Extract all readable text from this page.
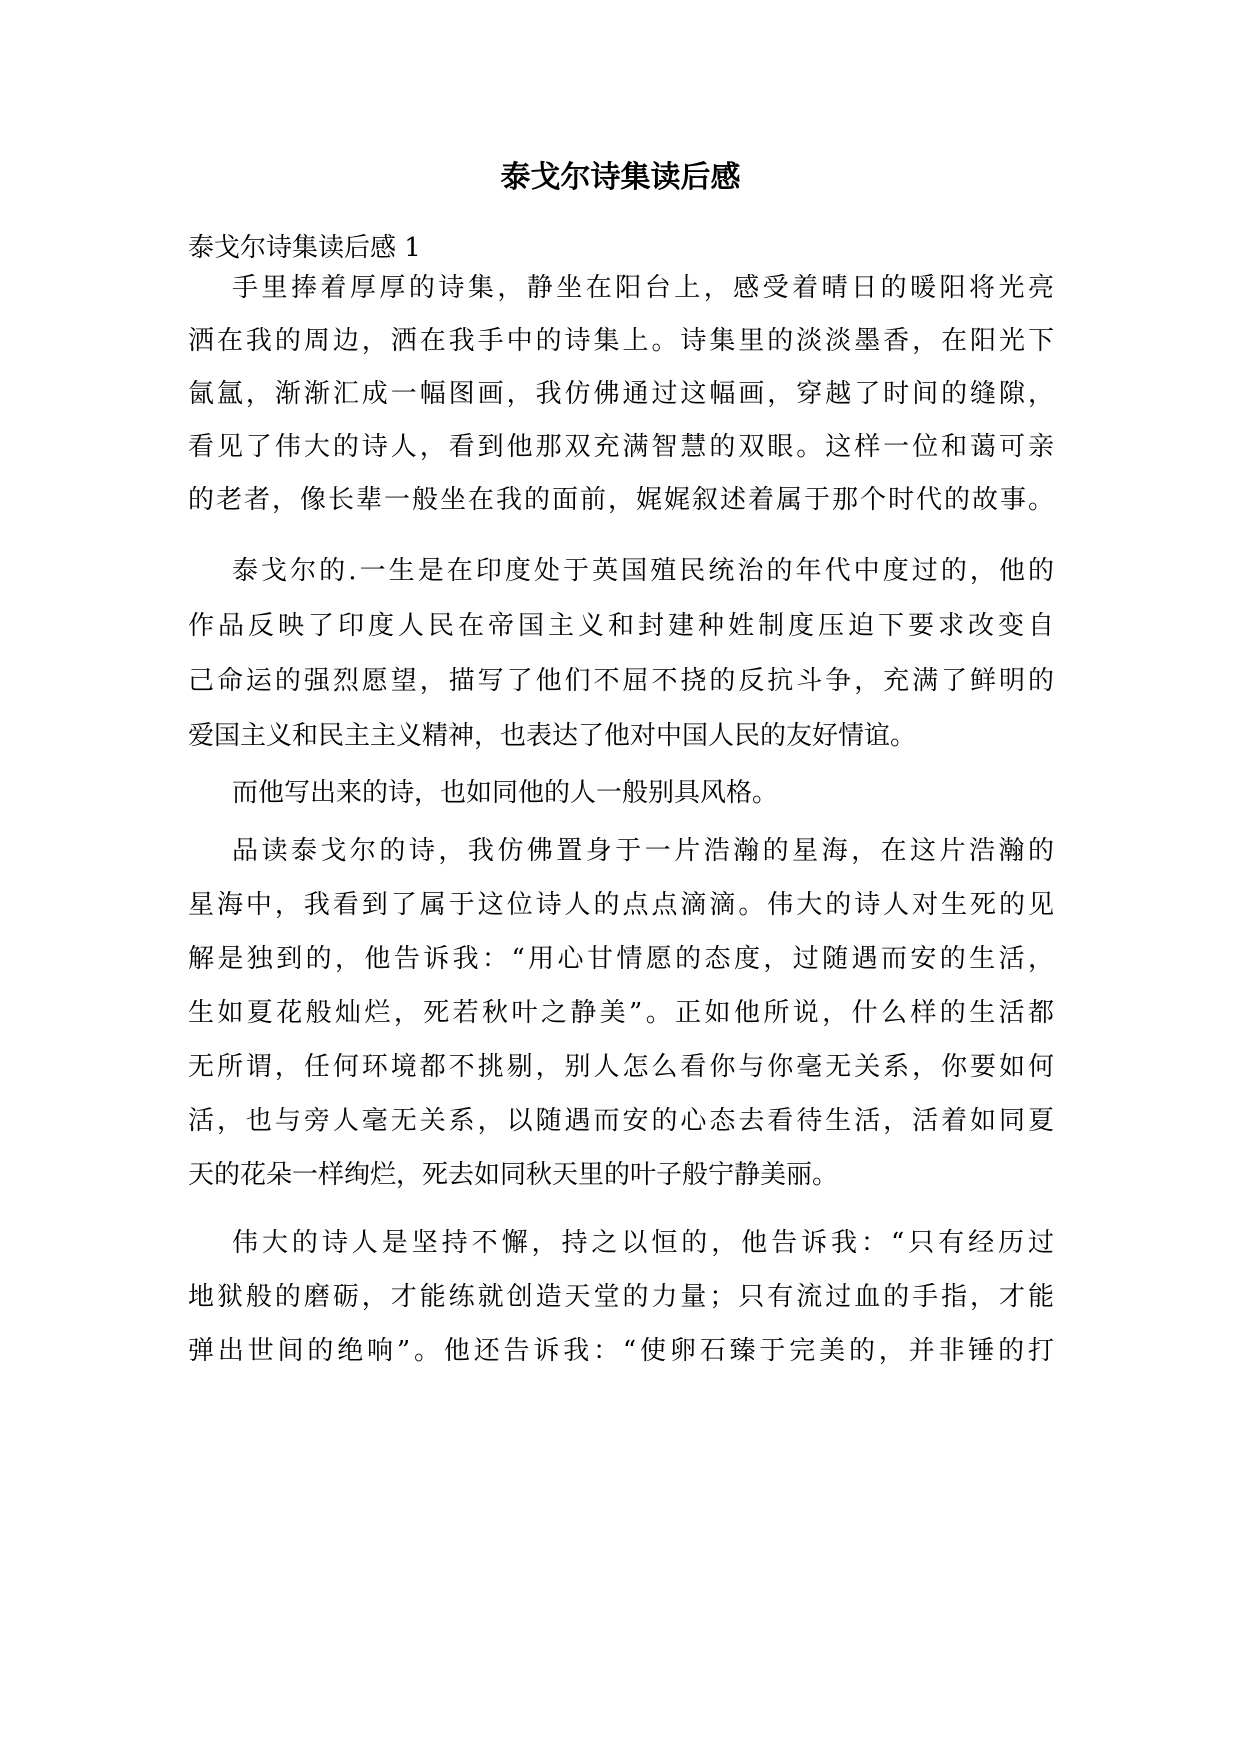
泰戈尔诗集读后感
泰戈尔诗集读后感 1
手里捧着厚厚的诗集，静坐在阳台上，感受着晴日的暖阳将光亮
洒在我的周边，洒在我手中的诗集上。诗集里的淡淡墨香，在阳光下
氤氲，渐渐汇成一幅图画，我仿佛通过这幅画，穿越了时间的缝隙，
看见了伟大的诗人，看到他那双充满智慧的双眼。这样一位和蔼可亲
的老者，像长辈一般坐在我的面前，娓娓叙述着属于那个时代的故事。
泰戈尔的.一生是在印度处于英国殖民统治的年代中度过的，他的
作品反映了印度人民在帝国主义和封建种姓制度压迫下要求改变自
己命运的强烈愿望，描写了他们不屈不挠的反抗斗争，充满了鲜明的
爱国主义和民主主义精神，也表达了他对中国人民的友好情谊。
而他写出来的诗，也如同他的人一般别具风格。
品读泰戈尔的诗，我仿佛置身于一片浩瀚的星海，在这片浩瀚的
星海中，我看到了属于这位诗人的点点滴滴。伟大的诗人对生死的见
解是独到的，他告诉我：“用心甘情愿的态度，过随遇而安的生活，
生如夏花般灿烂，死若秋叶之静美”。正如他所说，什么样的生活都
无所谓，任何环境都不挑剔，别人怎么看你与你毫无关系，你要如何
活，也与旁人毫无关系，以随遇而安的心态去看待生活，活着如同夏
天的花朵一样绚烂，死去如同秋天里的叶子般宁静美丽。
伟大的诗人是坚持不懈，持之以恒的，他告诉我：“只有经历过
地狱般的磨砺，才能练就创造天堂的力量；只有流过血的手指，才能
弹出世间的绝响”。他还告诉我：“使卵石臻于完美的，并非锤的打
